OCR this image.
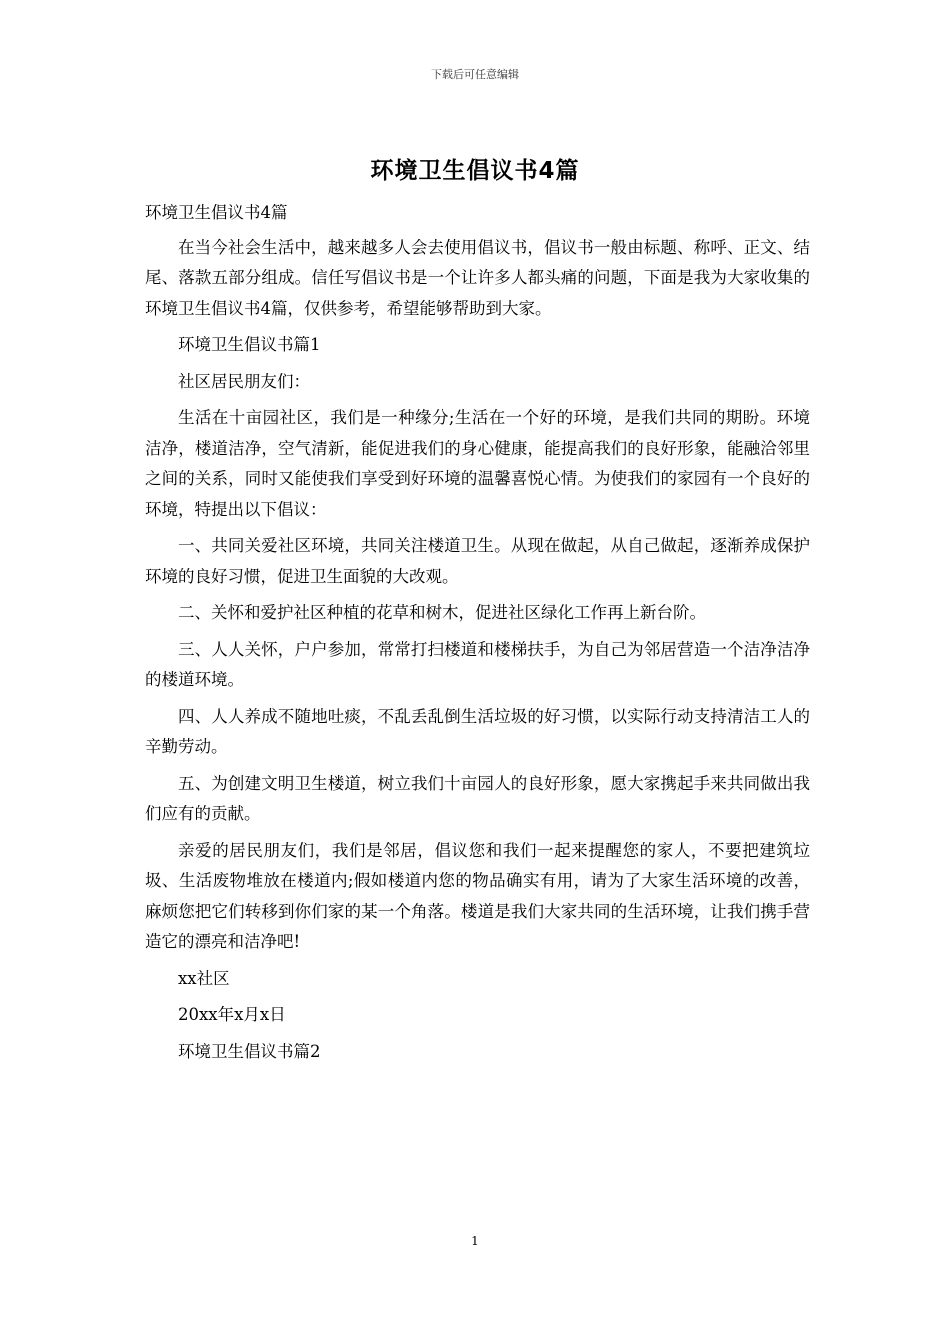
下载后可任意编辑
环境卫生倡议书4篇

环境卫生倡议书4篇

在当今社会生活中，越来越多人会去使用倡议书，倡议书一般由标题、称呼、正文、结尾、落款五部分组成。信任写倡议书是一个让许多人都头痛的问题，下面是我为大家收集的环境卫生倡议书4篇，仅供参考，希望能够帮助到大家。

环境卫生倡议书篇1

社区居民朋友们：

生活在十亩园社区，我们是一种缘分;生活在一个好的环境，是我们共同的期盼。环境洁净，楼道洁净，空气清新，能促进我们的身心健康，能提高我们的良好形象，能融洽邻里之间的关系，同时又能使我们享受到好环境的温馨喜悦心情。为使我们的家园有一个良好的环境，特提出以下倡议：

一、共同关爱社区环境，共同关注楼道卫生。从现在做起，从自己做起，逐渐养成保护环境的良好习惯，促进卫生面貌的大改观。

二、关怀和爱护社区种植的花草和树木，促进社区绿化工作再上新台阶。

三、人人关怀，户户参加，常常打扫楼道和楼梯扶手，为自己为邻居营造一个洁净洁净的楼道环境。

四、人人养成不随地吐痰，不乱丢乱倒生活垃圾的好习惯，以实际行动支持清洁工人的辛勤劳动。

五、为创建文明卫生楼道，树立我们十亩园人的良好形象，愿大家携起手来共同做出我们应有的贡献。

亲爱的居民朋友们，我们是邻居，倡议您和我们一起来提醒您的家人，不要把建筑垃圾、生活废物堆放在楼道内;假如楼道内您的物品确实有用，请为了大家生活环境的改善，麻烦您把它们转移到你们家的某一个角落。楼道是我们大家共同的生活环境，让我们携手营造它的漂亮和洁净吧!

xx社区

20xx年x月x日

环境卫生倡议书篇2

1
